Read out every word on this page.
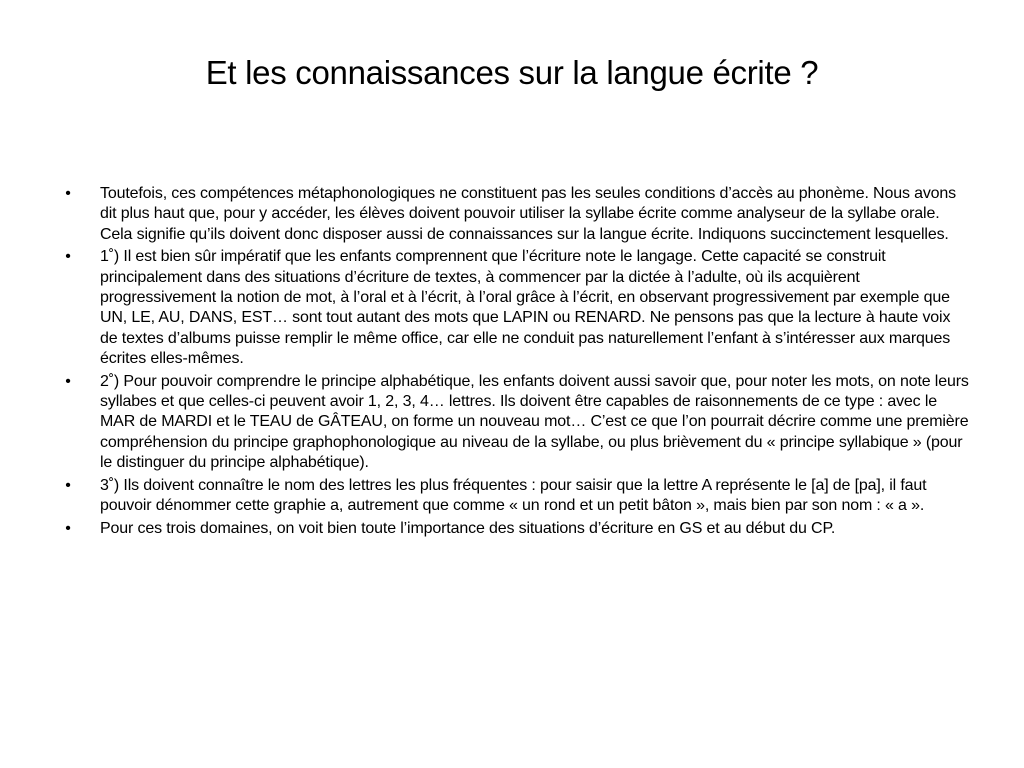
Et les connaissances sur la langue écrite ?
•	Toutefois, ces compétences métaphonologiques ne constituent pas les seules conditions d’accès au phonème. Nous avons dit plus haut que, pour y accéder, les élèves doivent pouvoir utiliser la syllabe écrite comme analyseur de la syllabe orale. Cela signifie qu’ils doivent donc disposer aussi de connaissances sur la langue écrite. Indiquons succinctement lesquelles.
•	1˚) Il est bien sûr impératif que les enfants comprennent que l’écriture note le langage. Cette capacité se construit principalement dans des situations d’écriture de textes, à commencer par la dictée à l’adulte, où ils acquièrent progressivement la notion de mot, à l’oral et à l’écrit, à l’oral grâce à l’écrit, en observant progressivement par exemple que UN, LE, AU, DANS, EST… sont tout autant des mots que LAPIN ou RENARD. Ne pensons pas que la lecture à haute voix de textes d’albums puisse remplir le même office, car elle ne conduit pas naturellement l’enfant à s’intéresser aux marques écrites elles-mêmes.
•	2˚) Pour pouvoir comprendre le principe alphabétique, les enfants doivent aussi savoir que, pour noter les mots, on note leurs syllabes et que celles-ci peuvent avoir 1, 2, 3, 4… lettres. Ils doivent être capables de raisonnements de ce type : avec le MAR de MARDI et le TEAU de GÂTEAU, on forme un nouveau mot… C’est ce que l’on pourrait décrire comme une première compréhension du principe graphophonologique au niveau de la syllabe, ou plus brièvement du « principe syllabique » (pour le distinguer du principe alphabétique).
•	3˚) Ils doivent connaître le nom des lettres les plus fréquentes : pour saisir que la lettre A représente le [a] de [pa], il faut pouvoir dénommer cette graphie a, autrement que comme « un rond et un petit bâton », mais bien par son nom : « a ».
•	Pour ces trois domaines, on voit bien toute l’importance des situations d’écriture en GS et au début du CP.
